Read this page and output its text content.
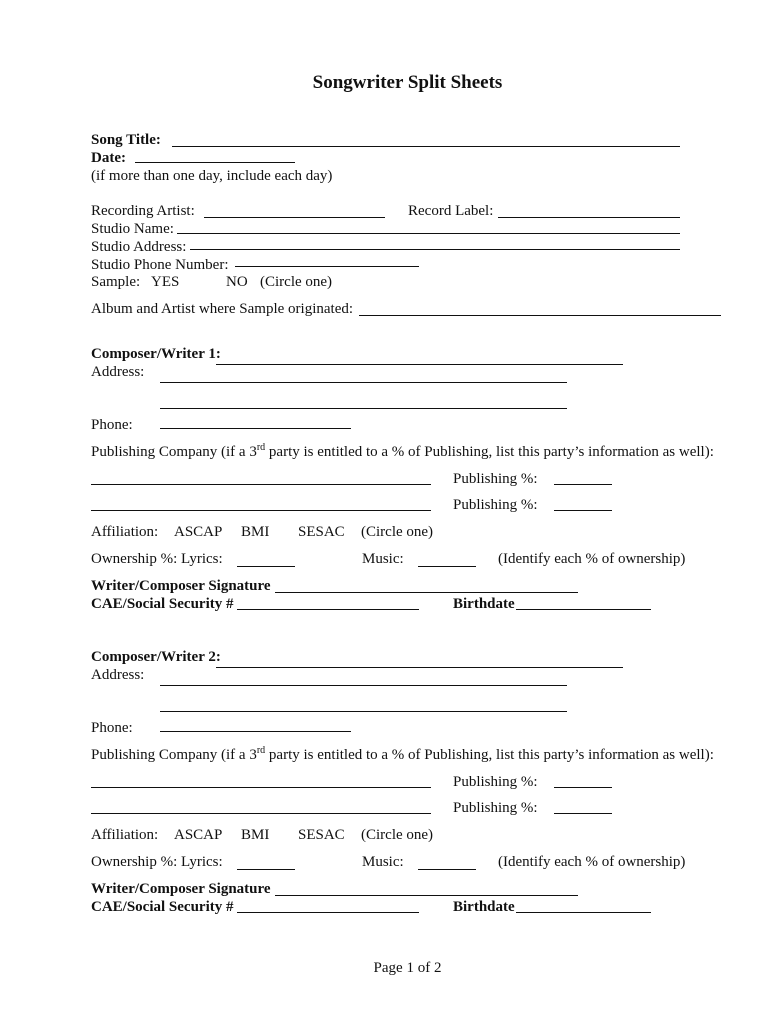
Songwriter Split Sheets
Song Title:
Date:
(if more than one day, include each day)
Recording Artist:	Record Label:
Studio Name:
Studio Address:
Studio Phone Number:
Sample: YES	NO (Circle one)
Album and Artist where Sample originated:
Composer/Writer 1:
Address:
Phone:
Publishing Company (if a 3rd party is entitled to a % of Publishing, list this party’s information as well):
Publishing %:
Publishing %:
Affiliation: ASCAP BMI SESAC (Circle one)
Ownership %: Lyrics:	Music:	(Identify each % of ownership)
Writer/Composer Signature
CAE/Social Security #	Birthdate
Composer/Writer 2:
Address:
Phone:
Publishing Company (if a 3rd party is entitled to a % of Publishing, list this party’s information as well):
Publishing %:
Publishing %:
Affiliation: ASCAP BMI SESAC (Circle one)
Ownership %: Lyrics:	Music:	(Identify each % of ownership)
Writer/Composer Signature
CAE/Social Security #	Birthdate
Page 1 of 2
